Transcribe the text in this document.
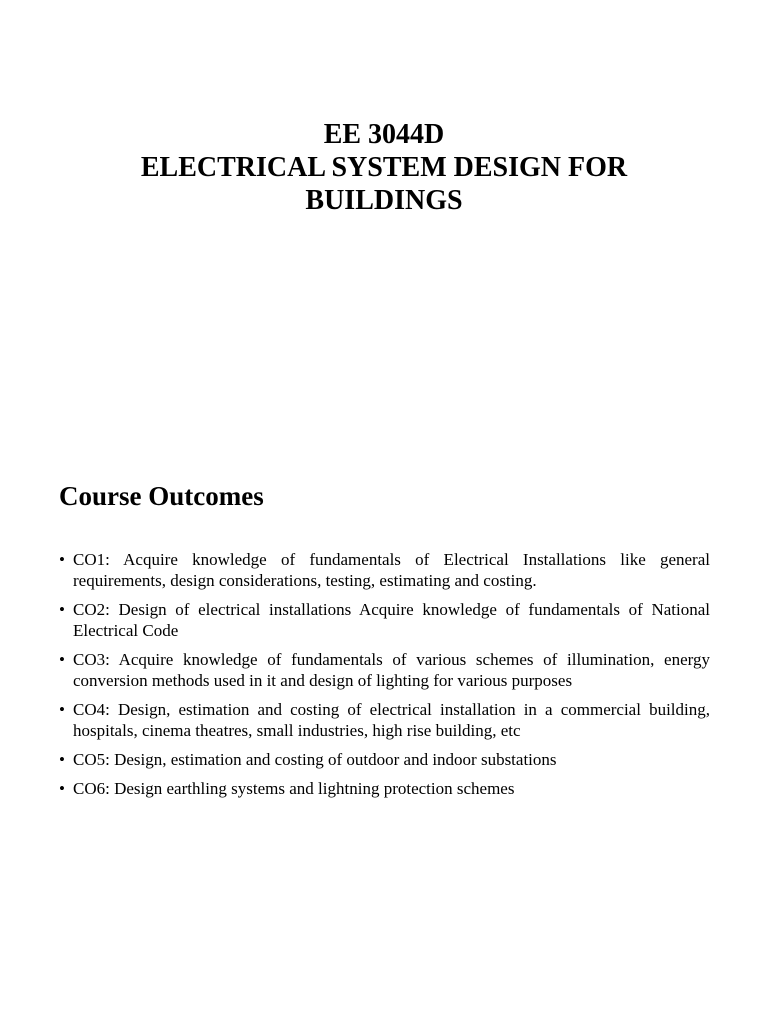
EE 3044D
ELECTRICAL SYSTEM DESIGN FOR
BUILDINGS
Course Outcomes
• CO1: Acquire knowledge of fundamentals of Electrical Installations like general requirements, design considerations, testing, estimating and costing.
• CO2: Design of electrical installations Acquire knowledge of fundamentals of National Electrical Code
• CO3: Acquire knowledge of fundamentals of various schemes of illumination, energy conversion methods used in it and design of lighting for various purposes
• CO4: Design, estimation and costing of electrical installation in a commercial building, hospitals, cinema theatres, small industries, high rise building, etc
• CO5: Design, estimation and costing of outdoor and indoor substations
• CO6: Design earthling systems and lightning protection schemes
